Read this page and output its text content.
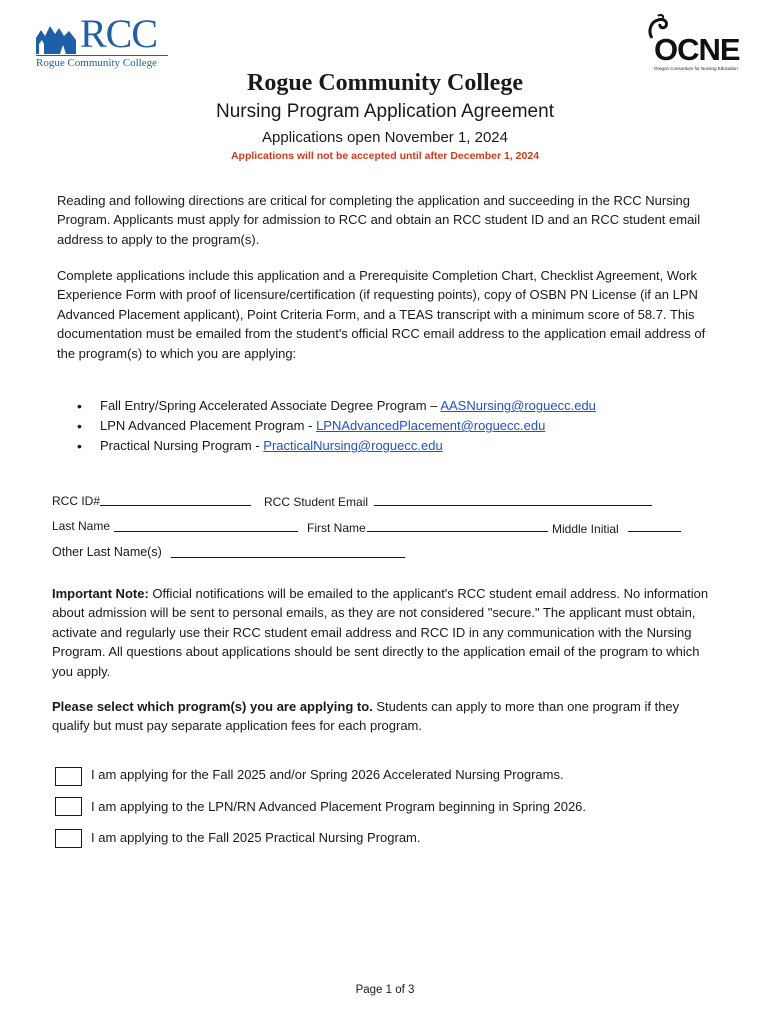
RCC
Rogue Community College	OCNE
Oregon Consortium for Nursing Education
Rogue Community College
Nursing Program Application Agreement
Applications open November 1, 2024
Applications will not be accepted until after December 1, 2024
Reading and following directions are critical for completing the application and succeeding in the RCC Nursing Program. Applicants must apply for admission to RCC and obtain an RCC student ID and an RCC student email address to apply to the program(s).
Complete applications include this application and a Prerequisite Completion Chart, Checklist Agreement, Work Experience Form with proof of licensure/certification (if requesting points), copy of OSBN PN License (if an LPN Advanced Placement applicant), Point Criteria Form, and a TEAS transcript with a minimum score of 58.7. This documentation must be emailed from the student's official RCC email address to the application email address of the program(s) to which you are applying:
• Fall Entry/Spring Accelerated Associate Degree Program – AASNursing@roguecc.edu
• LPN Advanced Placement Program - LPNAdvancedPlacement@roguecc.edu
• Practical Nursing Program - PracticalNursing@roguecc.edu
RCC ID#	RCC Student Email
Last Name	First Name	Middle Initial
Other Last Name(s)
Important Note: Official notifications will be emailed to the applicant's RCC student email address. No information about admission will be sent to personal emails, as they are not considered "secure." The applicant must obtain, activate and regularly use their RCC student email address and RCC ID in any communication with the Nursing Program. All questions about applications should be sent directly to the application email of the program to which you apply.
Please select which program(s) you are applying to. Students can apply to more than one program if they qualify but must pay separate application fees for each program.
I am applying for the Fall 2025 and/or Spring 2026 Accelerated Nursing Programs.
I am applying to the LPN/RN Advanced Placement Program beginning in Spring 2026.
I am applying to the Fall 2025 Practical Nursing Program.
Page 1 of 3
